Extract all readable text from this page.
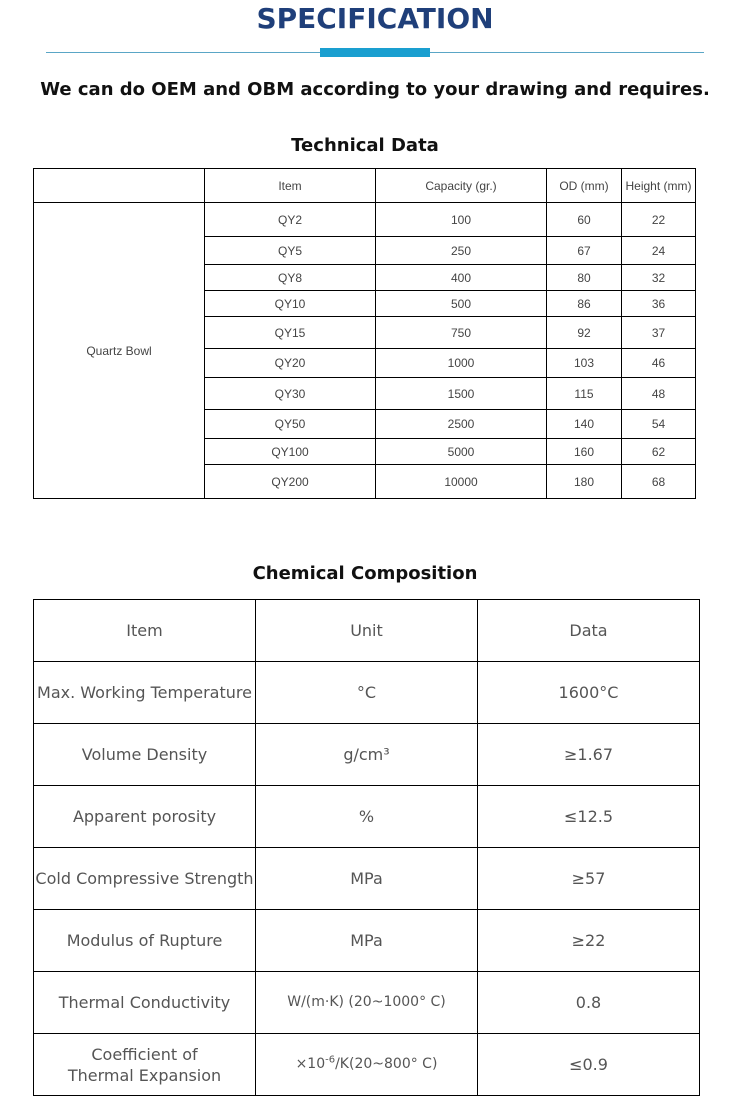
SPECIFICATION
We can do OEM and OBM according to your drawing and requires.
Technical Data
	Item	Capacity (gr.)	OD (mm)	Height (mm)
Quartz Bowl	QY2	100	60	22
	QY5	250	67	24
	QY8	400	80	32
	QY10	500	86	36
	QY15	750	92	37
	QY20	1000	103	46
	QY30	1500	115	48
	QY50	2500	140	54
	QY100	5000	160	62
	QY200	10000	180	68
Chemical Composition
Item	Unit	Data
Max. Working Temperature	°C	1600°C
Volume Density	g/cm³	≥1.67
Apparent porosity	%	≤12.5
Cold Compressive Strength	MPa	≥57
Modulus of Rupture	MPa	≥22
Thermal Conductivity	W/(m·K) (20~1000° C)	0.8
Coefficient of Thermal Expansion	$\times 10^{-6}/K(20\sim 800^\circ$ C)	≤0.9
